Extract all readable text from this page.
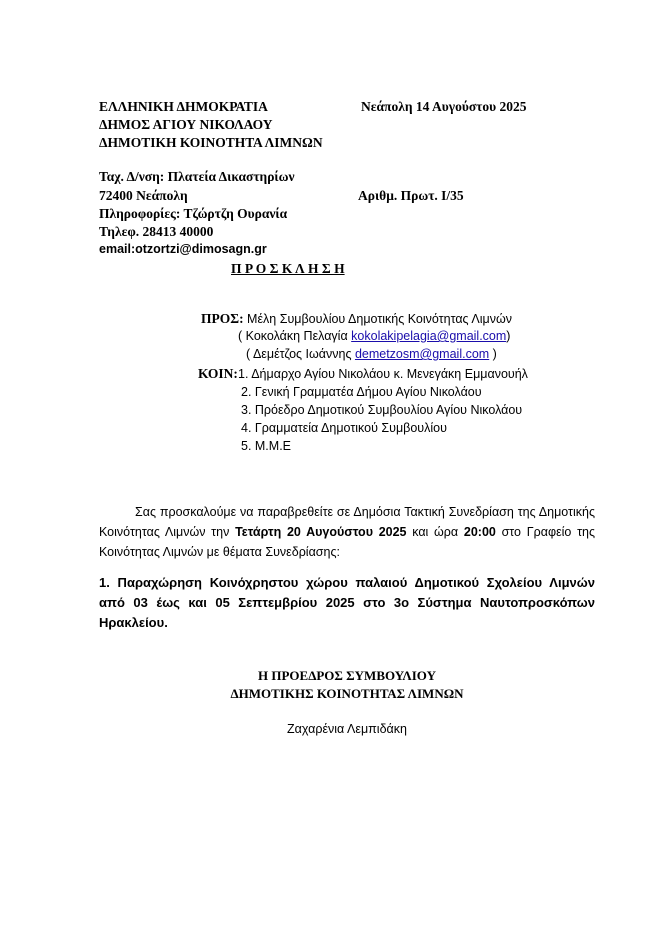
ΕΛΛΗΝΙΚΗ ΔΗΜΟΚΡΑΤΙΑ
ΔΗΜΟΣ ΑΓΙΟΥ ΝΙΚΟΛΑΟΥ
ΔΗΜΟΤΙΚΗ ΚΟΙΝΟΤΗΤΑ ΛΙΜΝΩΝ
Νεάπολη 14 Αυγούστου 2025
Ταχ. Δ/νση: Πλατεία Δικαστηρίων
72400 Νεάπολη	Αριθμ. Πρωτ. Ι/35
Πληροφορίες: Τζώρτζη Ουρανία
Τηλεφ. 28413 40000
email:otzortzi@dimosagn.gr
Π Ρ Ο Σ Κ Λ Η Σ Η
ΠΡΟΣ: Μέλη Συμβουλίου Δημοτικής Κοινότητας Λιμνών
( Κοκολάκη Πελαγία kokolakipelagia@gmail.com)
( Δεμέτζος Ιωάννης demetzosm@gmail.com )
ΚΟΙΝ: 1. Δήμαρχο Αγίου Νικολάου κ. Μενεγάκη Εμμανουήλ
2. Γενική Γραμματέα Δήμου Αγίου Νικολάου
3. Πρόεδρο Δημοτικού Συμβουλίου Αγίου Νικολάου
4. Γραμματεία Δημοτικού Συμβουλίου
5. Μ.Μ.Ε
Σας προσκαλούμε να παραβρεθείτε σε Δημόσια Τακτική Συνεδρίαση της Δημοτικής Κοινότητας Λιμνών την Τετάρτη 20 Αυγούστου 2025 και ώρα 20:00 στο Γραφείο της Κοινότητας Λιμνών με θέματα Συνεδρίασης:
1. Παραχώρηση Κοινόχρηστου χώρου παλαιού Δημοτικού Σχολείου Λιμνών από 03 έως και 05 Σεπτεμβρίου 2025 στο 3ο Σύστημα Ναυτοπροσκόπων Ηρακλείου.
Η ΠΡΟΕΔΡΟΣ ΣΥΜΒΟΥΛΙΟΥ
ΔΗΜΟΤΙΚΗΣ ΚΟΙΝΟΤΗΤΑΣ ΛΙΜΝΩΝ
Ζαχαρένια Λεμπιδάκη
